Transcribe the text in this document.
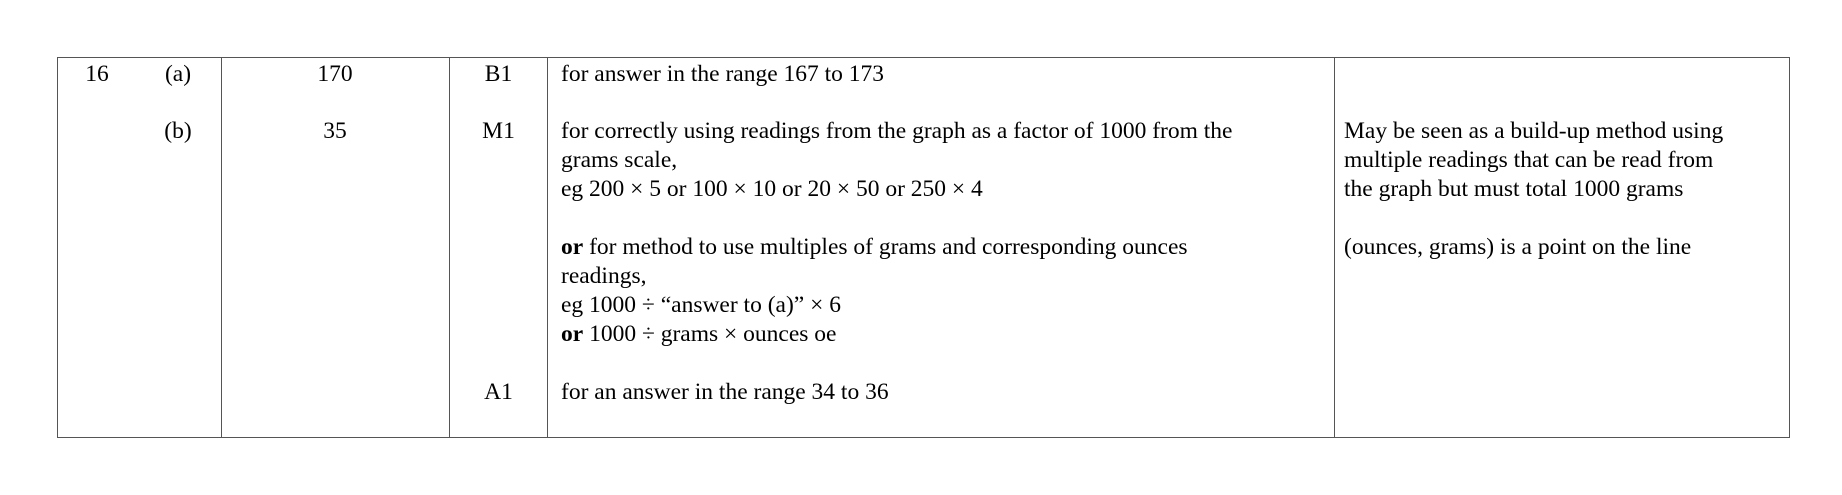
16	(a)
(b)
170
35
B1
M1
A1
for answer in the range 167 to 173
for correctly using readings from the graph as a factor of 1000 from the
grams scale,
eg 200 × 5 or 100 × 10 or 20 × 50 or 250 × 4
or for method to use multiples of grams and corresponding ounces
readings,
eg 1000 ÷ “answer to (a)” × 6
or 1000 ÷ grams × ounces oe
for an answer in the range 34 to 36
May be seen as a build-up method using
multiple readings that can be read from
the graph but must total 1000 grams
(ounces, grams) is a point on the line
